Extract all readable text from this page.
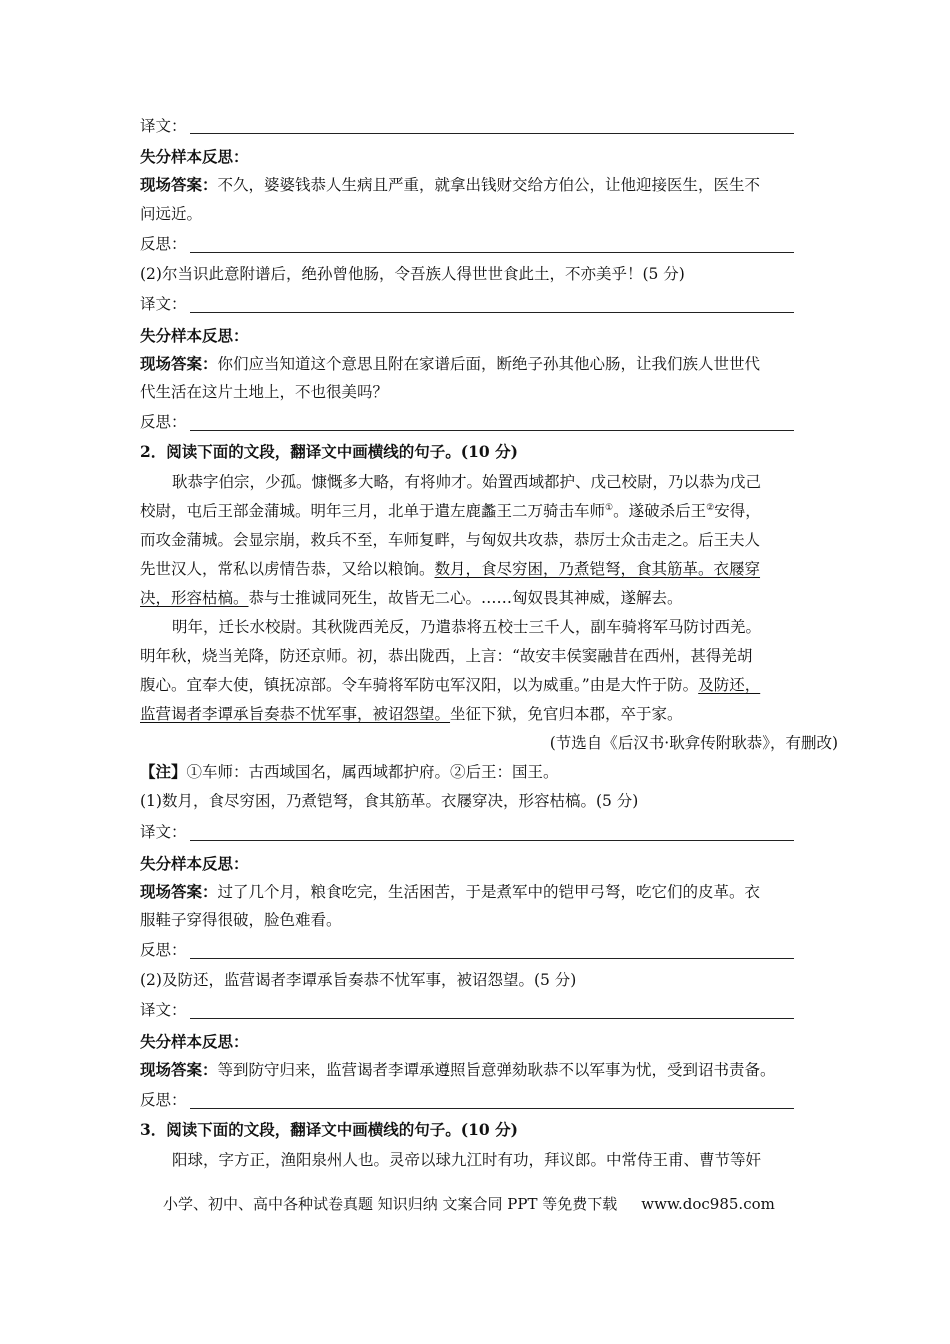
译文：
失分样本反思：
现场答案：不久，婆婆钱恭人生病且严重，就拿出钱财交给方伯公，让他迎接医生，医生不
问远近。
反思：
(2)尔当识此意附谱后，绝孙曾他肠，令吾族人得世世食此土，不亦美乎！(5 分)
译文：
失分样本反思：
现场答案：你们应当知道这个意思且附在家谱后面，断绝子孙其他心肠，让我们族人世世代
代生活在这片土地上，不也很美吗？
反思：
2．阅读下面的文段，翻译文中画横线的句子。(10 分)
耿恭字伯宗，少孤。慷慨多大略，有将帅才。始置西域都护、戊己校尉，乃以恭为戊己
校尉，屯后王部金蒲城。明年三月，北单于遣左鹿蠡王二万骑击车师①。遂破杀后王②安得，
而攻金蒲城。会显宗崩，救兵不至，车师复畔，与匈奴共攻恭，恭厉士众击走之。后王夫人
先世汉人，常私以虏情告恭，又给以粮饷。数月，食尽穷困，乃煮铠弩，食其筋革。衣屦穿
决，形容枯槁。恭与士推诚同死生，故皆无二心。……匈奴畏其神威，遂解去。
明年，迁长水校尉。其秋陇西羌反，乃遣恭将五校士三千人，副车骑将军马防讨西羌。
明年秋，烧当羌降，防还京师。初，恭出陇西，上言：“故安丰侯窦融昔在西州，甚得羌胡
腹心。宜奉大使，镇抚凉部。令车骑将军防屯军汉阳，以为威重。”由是大忤于防。及防还，
监营谒者李谭承旨奏恭不忧军事，被诏怨望。坐征下狱，免官归本郡，卒于家。
(节选自《后汉书·耿弇传附耿恭》，有删改)
【注】①车师：古西域国名，属西域都护府。②后王：国王。
(1)数月，食尽穷困，乃煮铠弩，食其筋革。衣屦穿决，形容枯槁。(5 分)
译文：
失分样本反思：
现场答案：过了几个月，粮食吃完，生活困苦，于是煮军中的铠甲弓弩，吃它们的皮革。衣
服鞋子穿得很破，脸色难看。
反思：
(2)及防还，监营谒者李谭承旨奏恭不忧军事，被诏怨望。(5 分)
译文：
失分样本反思：
现场答案：等到防守归来，监营谒者李谭承遵照旨意弹劾耿恭不以军事为忧，受到诏书责备。
反思：
3．阅读下面的文段，翻译文中画横线的句子。(10 分)
阳球，字方正，渔阳泉州人也。灵帝以球九江时有功，拜议郎。中常侍王甫、曹节等奸
小学、初中、高中各种试卷真题 知识归纳 文案合同 PPT 等免费下载 www.doc985.com
